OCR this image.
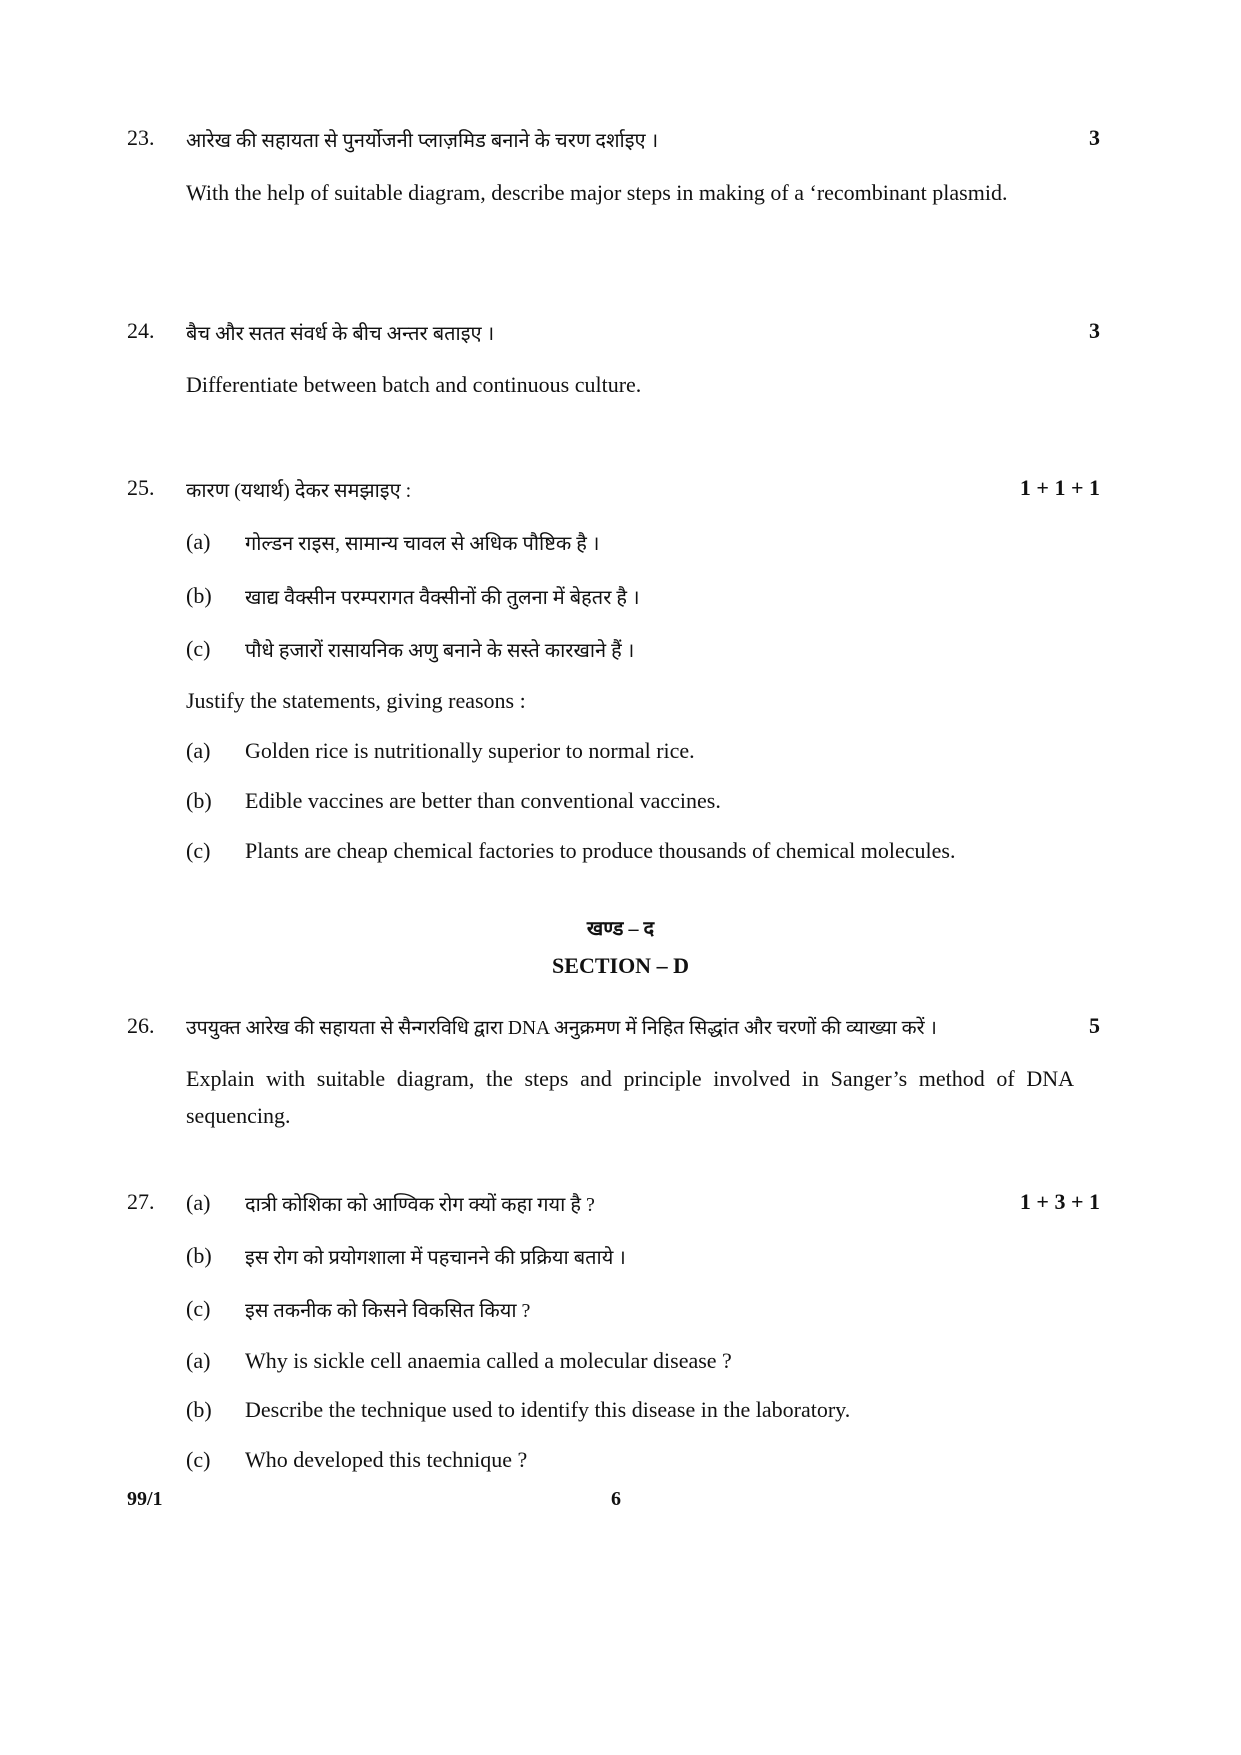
23. आरेख की सहायता से पुनर्योजनी प्लाज़मिड बनाने के चरण दर्शाइए ।	3
With the help of suitable diagram, describe major steps in making of a ‘recombinant plasmid.
24. बैच और सतत संवर्ध के बीच अन्तर बताइए ।	3
Differentiate between batch and continuous culture.
25. कारण (यथार्थ) देकर समझाइए :	1 + 1 + 1
(a) गोल्डन राइस, सामान्य चावल से अधिक पौष्टिक है ।
(b) खाद्य वैक्सीन परम्परागत वैक्सीनों की तुलना में बेहतर है ।
(c) पौधे हजारों रासायनिक अणु बनाने के सस्ते कारखाने हैं ।
Justify the statements, giving reasons :
(a) Golden rice is nutritionally superior to normal rice.
(b) Edible vaccines are better than conventional vaccines.
(c) Plants are cheap chemical factories to produce thousands of chemical molecules.
खण्ड – द
SECTION – D
26. उपयुक्त आरेख की सहायता से सैन्गरविधि द्वारा DNA अनुक्रमण में निहित सिद्धांत और चरणों की व्याख्या करें ।	5
Explain with suitable diagram, the steps and principle involved in Sanger’s method of DNA sequencing.
27.	1 + 3 + 1
(a) दात्री कोशिका को आण्विक रोग क्यों कहा गया है ?
(b) इस रोग को प्रयोगशाला में पहचानने की प्रक्रिया बताये ।
(c) इस तकनीक को किसने विकसित किया ?
(a) Why is sickle cell anaemia called a molecular disease ?
(b) Describe the technique used to identify this disease in the laboratory.
(c) Who developed this technique ?
99/1	6
